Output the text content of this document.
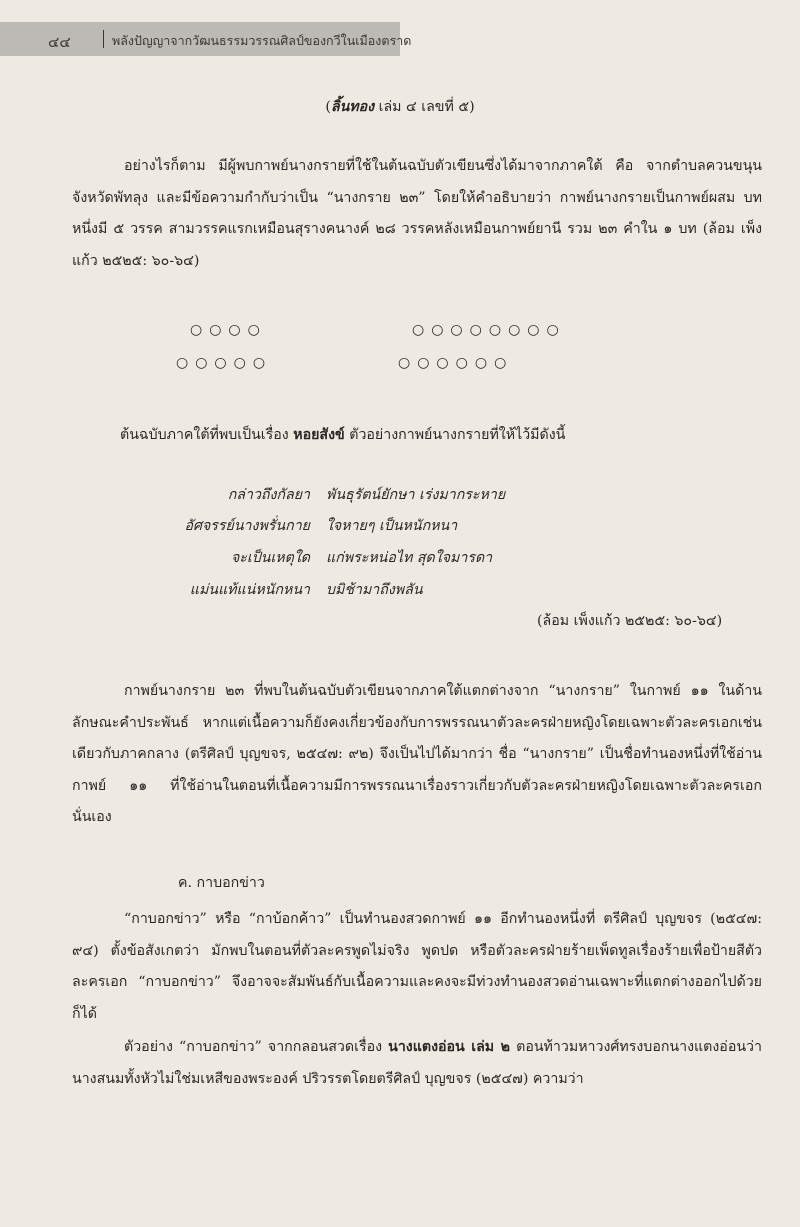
๔๔	พลังปัญญาจากวัฒนธรรมวรรณศิลป์ของกวีในเมืองตราด
(ลิ้นทอง เล่ม ๔ เลขที่ ๕)

อย่างไรก็ตาม มีผู้พบกาพย์นางกรายที่ใช้ในต้นฉบับตัวเขียนซึ่งได้มาจากภาคใต้ คือ จากตำบลควนขนุน จังหวัดพัทลุง และมีข้อความกำกับว่าเป็น “นางกราย ๒๓” โดยให้คำอธิบายว่า กาพย์นางกรายเป็นกาพย์ผสม บทหนึ่งมี ๕ วรรค สามวรรคแรกเหมือนสุรางคนางค์ ๒๘ วรรคหลังเหมือนกาพย์ยานี รวม ๒๓ คำใน ๑ บท (ล้อม เพ็งแก้ว ๒๕๒๕: ๖๐-๖๔)

○○○○	○○○○○○○○
○○○○○	○○○○○○

ต้นฉบับภาคใต้ที่พบเป็นเรื่อง หอยสังข์ ตัวอย่างกาพย์นางกรายที่ให้ไว้มีดังนี้

กล่าวถึงกัลยา พันธุรัตน์ยักษา เร่งมากระหาย
อัศจรรย์นางพรั่นกาย ใจหายๆ เป็นหนักหนา
จะเป็นเหตุใด แก่พระหน่อไท สุดใจมารดา
แม่นแท้แน่หนักหนา บมิช้ามาถึงพลัน
(ล้อม เพ็งแก้ว ๒๕๒๕: ๖๐-๖๔)

กาพย์นางกราย ๒๓ ที่พบในต้นฉบับตัวเขียนจากภาคใต้แตกต่างจาก “นางกราย” ในกาพย์ ๑๑ ในด้านลักษณะคำประพันธ์ หากแต่เนื้อความก็ยังคงเกี่ยวข้องกับการพรรณนาตัวละครฝ่ายหญิงโดยเฉพาะตัวละครเอกเช่นเดียวกับภาคกลาง (ตรีศิลป์ บุญขจร, ๒๕๔๗: ๙๒) จึงเป็นไปได้มากว่า ชื่อ “นางกราย” เป็นชื่อทำนองหนึ่งที่ใช้อ่านกาพย์ ๑๑ ที่ใช้อ่านในตอนที่เนื้อความมีการพรรณนาเรื่องราวเกี่ยวกับตัวละครฝ่ายหญิงโดยเฉพาะตัวละครเอกนั่นเอง

ค. กาบอกข่าว

“กาบอกข่าว” หรือ “กาบ้อกค้าว” เป็นทำนองสวดกาพย์ ๑๑ อีกทำนองหนึ่งที่ ตรีศิลป์ บุญขจร (๒๕๔๗: ๙๔) ตั้งข้อสังเกตว่า มักพบในตอนที่ตัวละครพูดไม่จริง พูดปด หรือตัวละครฝ่ายร้ายเพ็ดทูลเรื่องร้ายเพื่อป้ายสีตัวละครเอก “กาบอกข่าว” จึงอาจจะสัมพันธ์กับเนื้อความและคงจะมีท่วงทำนองสวดอ่านเฉพาะที่แตกต่างออกไปด้วยก็ได้

ตัวอย่าง “กาบอกข่าว” จากกลอนสวดเรื่อง นางแตงอ่อน เล่ม ๒ ตอนท้าวมหาวงศ์ทรงบอกนางแตงอ่อนว่านางสนมทั้งหัวไม่ใช่มเหสีของพระองค์ ปริวรรตโดยตรีศิลป์ บุญขจร (๒๕๔๗) ความว่า
